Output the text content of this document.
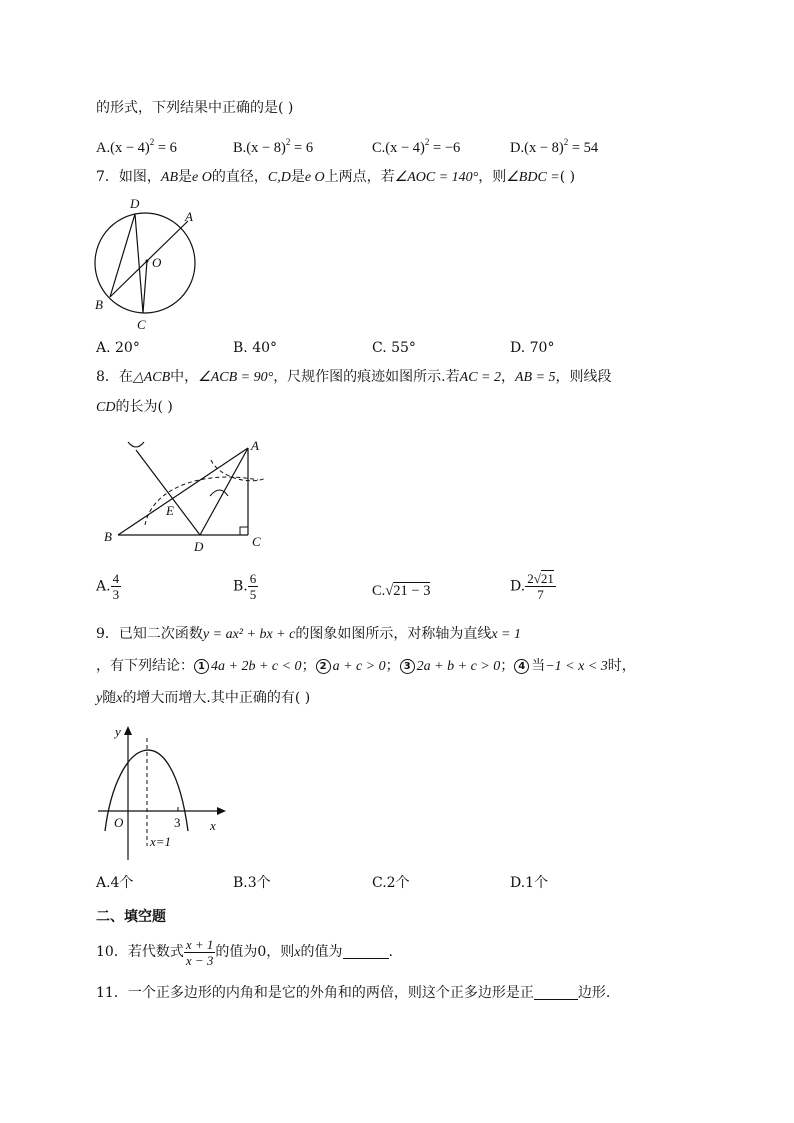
的形式，下列结果中正确的是( )
$A.(x - 4)^2 = 6$	$B.(x - 8)^2 = 6$	$C.(x - 4)^2 = -6$	$D.(x - 8)^2 = 54$
7．如图，AB是e O的直径，C,D是e O上两点，若∠AOC = 140°，则∠BDC =( )
D
A
O
B
C
A. 20°	B. 40°	C. 55°	D. 70°
8．在△ACB中，∠ACB = 90°，尺规作图的痕迹如图所示.若AC = 2，AB = 5，则线段
CD的长为( )
A
B	C
D
E
A. $\frac{4}{3}$	B. $\frac{6}{5}$	C.√21 − 3	D. $\frac{2√21}{7}$
9．已知二次函数y = ax² + bx + c的图象如图所示，对称轴为直线x = 1
，有下列结论： 1 4a + 2b + c < 0； 2 a + c > 0； 3 2a + b + c > 0； 4 当−1 < x < 3时，
y随x的增大而增大.其中正确的有( )
y
x
O	3
x=1
A.4个	B.3个	C.2个	D.1个
二、填空题
10．若代数式 $\frac{x + 1}{x - 3}$ 的值为0，则x的值为	.
11．一个正多边形的内角和是它的外角和的两倍，则这个正多边形是正	边形.
